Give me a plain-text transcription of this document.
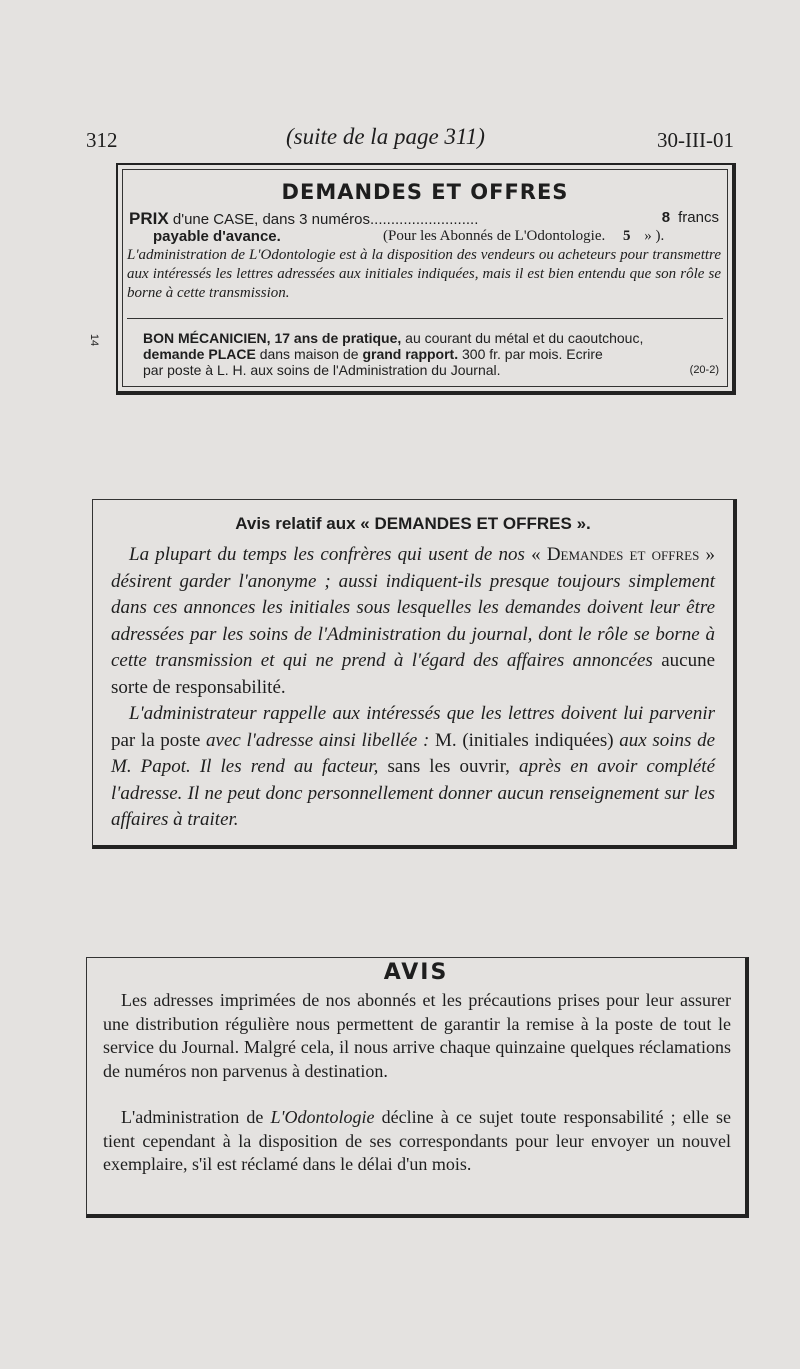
312	(suite de la page 311)	30-III-01
14
DEMANDES ET OFFRES
PRIX d'une CASE, dans 3 numéros..........................	8 francs
payable d'avance.	(Pour les Abonnés de L'Odontologie. 5 » ).
L'administration de L'Odontologie est à la disposition des vendeurs ou acheteurs pour transmettre aux intéressés les lettres adressées aux initiales indiquées, mais il est bien entendu que son rôle se borne à cette transmission.
BON MÉCANICIEN, 17 ans de pratique, au courant du métal et du caoutchouc,
demande PLACE dans maison de grand rapport. 300 fr. par mois. Ecrire
par poste à L. H. aux soins de l'Administration du Journal.	(20-2)
Avis relatif aux « DEMANDES ET OFFRES ».
La plupart du temps les confrères qui usent de nos « Demandes et offres » désirent garder l'anonyme ; aussi indiquent-ils presque toujours simplement dans ces annonces les initiales sous lesquelles les demandes doivent leur être adressées par les soins de l'Administration du journal, dont le rôle se borne à cette transmission et qui ne prend à l'égard des affaires annoncées aucune sorte de responsabilité.
L'administrateur rappelle aux intéressés que les lettres doivent lui parvenir par la poste avec l'adresse ainsi libellée : M. (initiales indiquées) aux soins de M. Papot. Il les rend au facteur, sans les ouvrir, après en avoir complété l'adresse. Il ne peut donc personnellement donner aucun renseignement sur les affaires à traiter.
AVIS
Les adresses imprimées de nos abonnés et les précautions prises pour leur assurer une distribution régulière nous permettent de garantir la remise à la poste de tout le service du Journal. Malgré cela, il nous arrive chaque quinzaine quelques réclamations de numéros non parvenus à destination.
L'administration de L'Odontologie décline à ce sujet toute responsabilité ; elle se tient cependant à la disposition de ses correspondants pour leur envoyer un nouvel exemplaire, s'il est réclamé dans le délai d'un mois.
